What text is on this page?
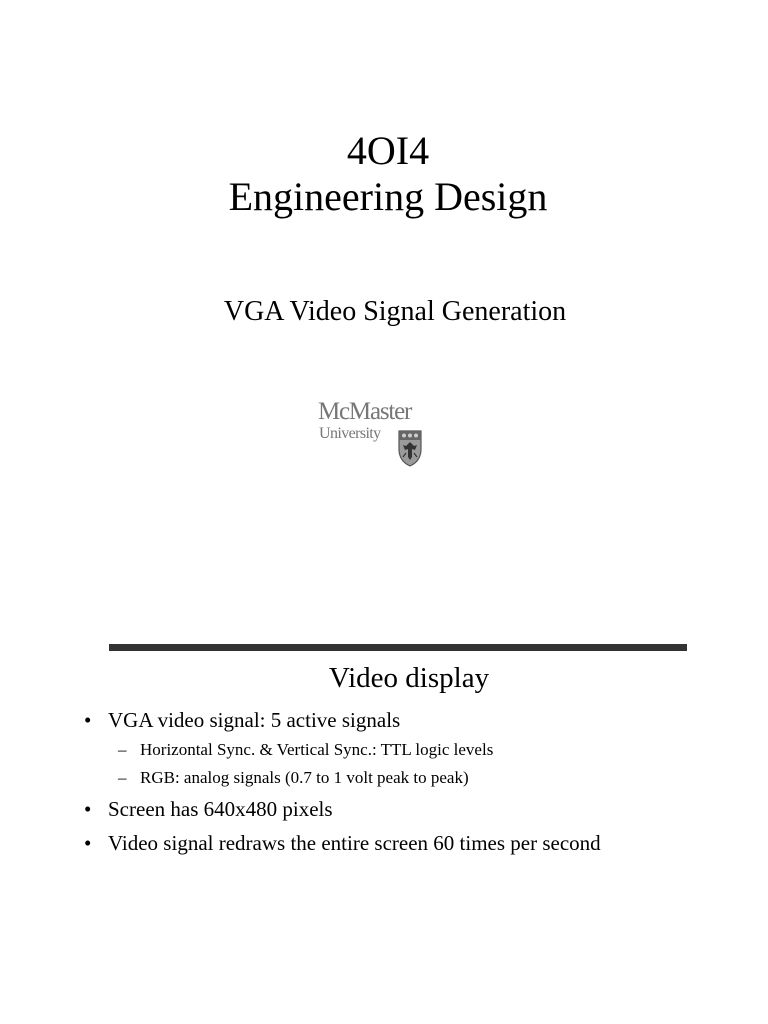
4OI4
Engineering Design
VGA Video Signal Generation
McMaster
University
Video display
• VGA video signal: 5 active signals
– Horizontal Sync. & Vertical Sync.: TTL logic levels
– RGB: analog signals (0.7 to 1 volt peak to peak)
• Screen has 640x480 pixels
• Video signal redraws the entire screen 60 times per second
